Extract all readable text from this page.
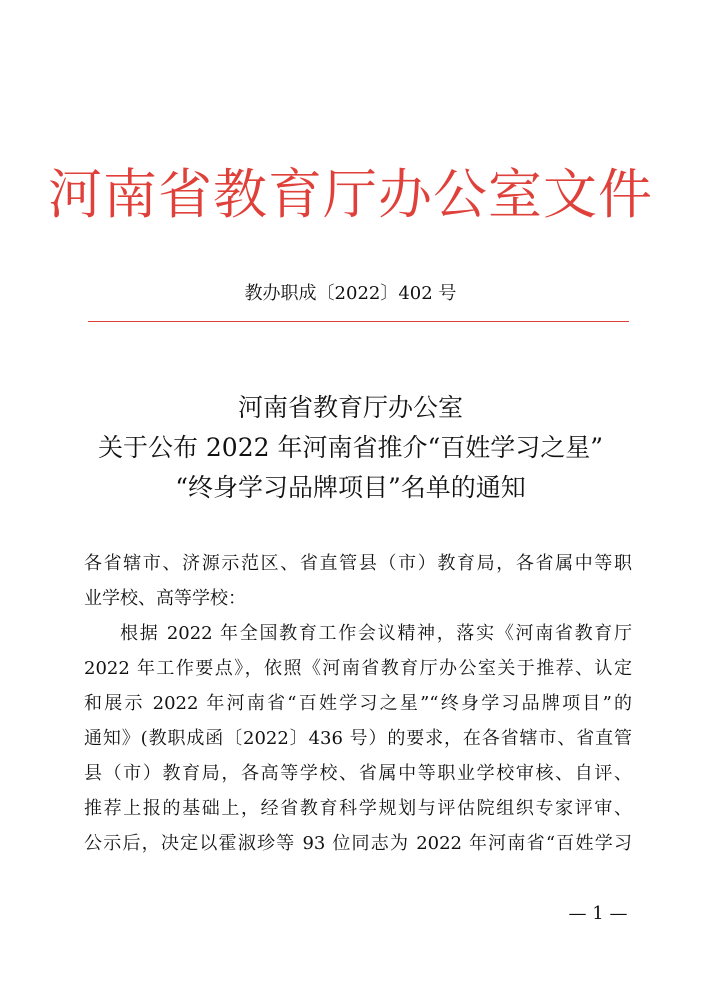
河南省教育厅办公室文件
教办职成〔2022〕402 号
河南省教育厅办公室
关于公布 2022 年河南省推介“百姓学习之星”
“终身学习品牌项目”名单的通知
各省辖市、济源示范区、省直管县（市）教育局，各省属中等职
业学校、高等学校：
根据 2022 年全国教育工作会议精神，落实《河南省教育厅
2022 年工作要点》，依照《河南省教育厅办公室关于推荐、认定
和展示 2022 年河南省“百姓学习之星”“终身学习品牌项目”的
通知》(教职成函〔2022〕436 号）的要求，在各省辖市、省直管
县（市）教育局，各高等学校、省属中等职业学校审核、自评、
推荐上报的基础上，经省教育科学规划与评估院组织专家评审、
公示后，决定以霍淑珍等 93 位同志为 2022 年河南省“百姓学习
— 1 —
